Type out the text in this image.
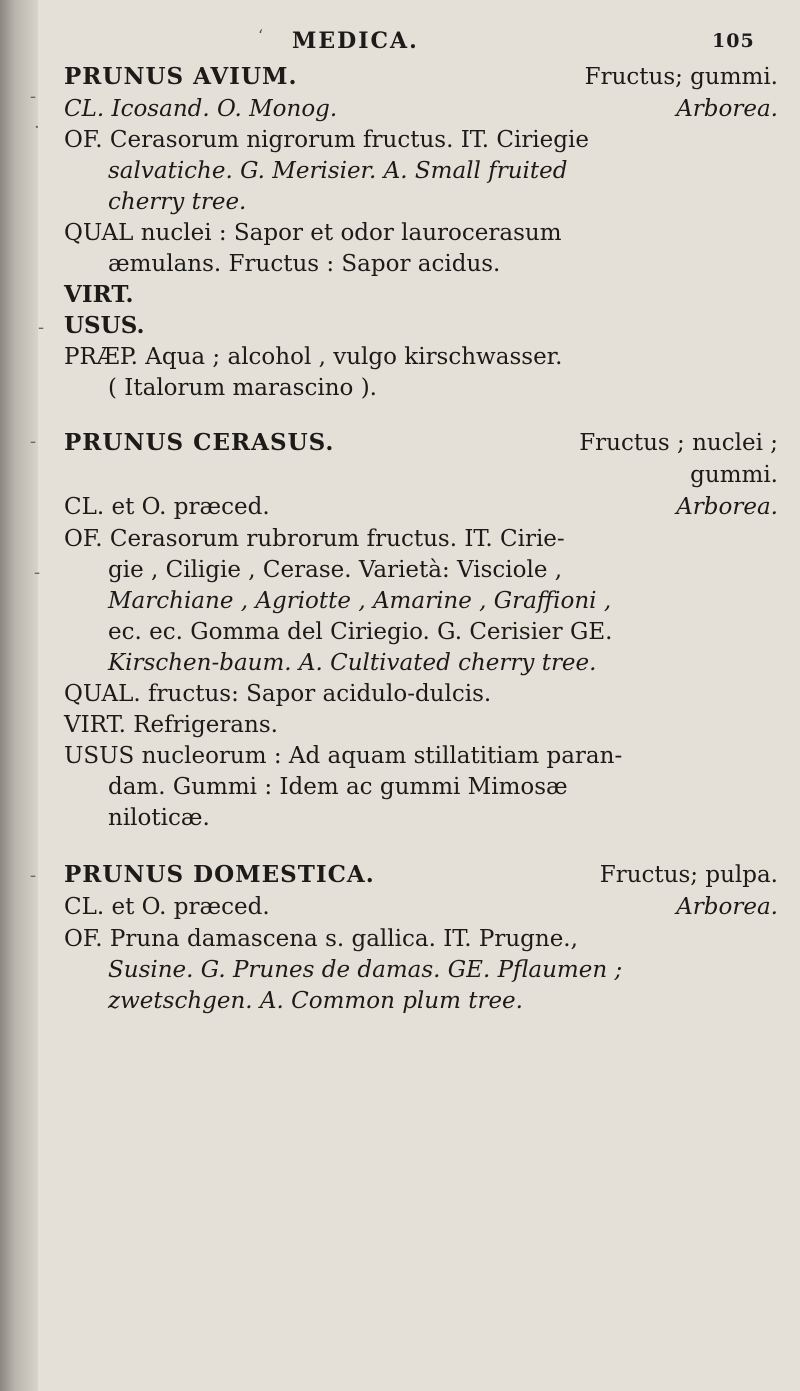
‘ MEDICA.	105
-
·
-
PRUNUS AVIUM.	Fructus; gummi.
CL. Icosand. O. Monog.	Arborea.
OF. Cerasorum nigrorum fructus. IT. Ciriegie
salvatiche. G. Merisier. A. Small fruited
cherry tree.
QUAL nuclei : Sapor et odor laurocerasum
æmulans. Fructus : Sapor acidus.
VIRT.
USUS.
PRÆP. Aqua ; alcohol , vulgo kirschwasser.
( Italorum marascino ).
-
-
PRUNUS CERASUS.	Fructus ; nuclei ;
gummi.
CL. et O. præced.	Arborea.
OF. Cerasorum rubrorum fructus. IT. Cirie-
gie , Ciligie , Cerase. Varietà: Visciole ,
Marchiane , Agriotte , Amarine , Graffioni ,
ec. ec. Gomma del Ciriegio. G. Cerisier GE.
Kirschen-baum. A. Cultivated cherry tree.
QUAL. fructus: Sapor acidulo-dulcis.
VIRT. Refrigerans.
USUS nucleorum : Ad aquam stillatitiam paran-
dam. Gummi : Idem ac gummi Mimosæ
niloticæ.
- PRUNUS DOMESTICA.	Fructus; pulpa.
CL. et O. præced.	Arborea.
OF. Pruna damascena s. gallica. IT. Prugne.,
Susine. G. Prunes de damas. GE. Pflaumen ;
zwetschgen. A. Common plum tree.
